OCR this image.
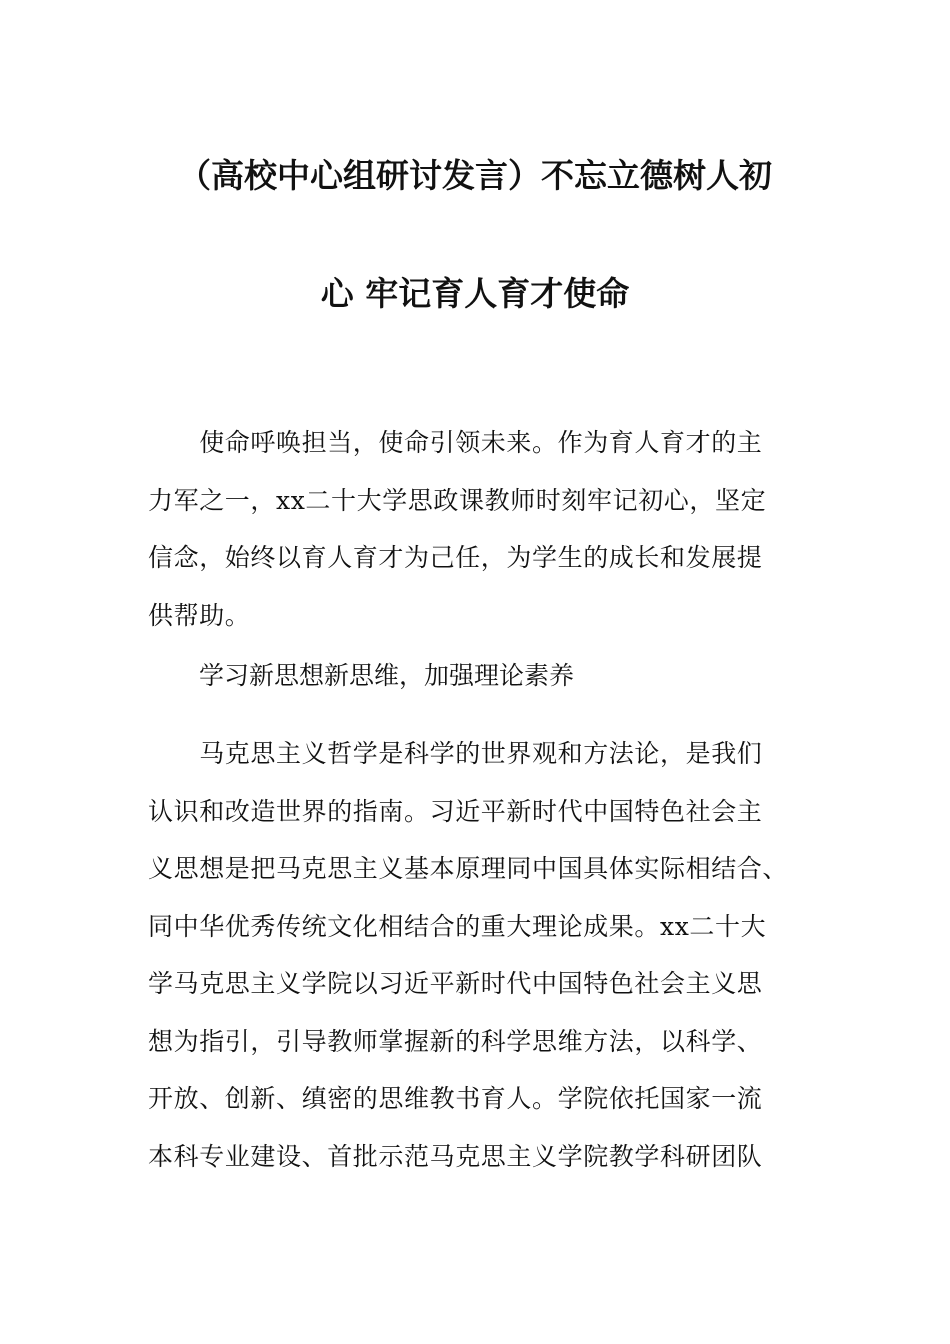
（高校中心组研讨发言）不忘立德树人初
心 牢记育人育才使命
　　使命呼唤担当，使命引领未来。作为育人育才的主
力军之一，xx二十大学思政课教师时刻牢记初心，坚定
信念，始终以育人育才为己任，为学生的成长和发展提
供帮助。
学习新思想新思维，加强理论素养
　　马克思主义哲学是科学的世界观和方法论，是我们
认识和改造世界的指南。习近平新时代中国特色社会主
义思想是把马克思主义基本原理同中国具体实际相结合、
同中华优秀传统文化相结合的重大理论成果。xx二十大
学马克思主义学院以习近平新时代中国特色社会主义思
想为指引，引导教师掌握新的科学思维方法，以科学、
开放、创新、缜密的思维教书育人。学院依托国家一流
本科专业建设、首批示范马克思主义学院教学科研团队
